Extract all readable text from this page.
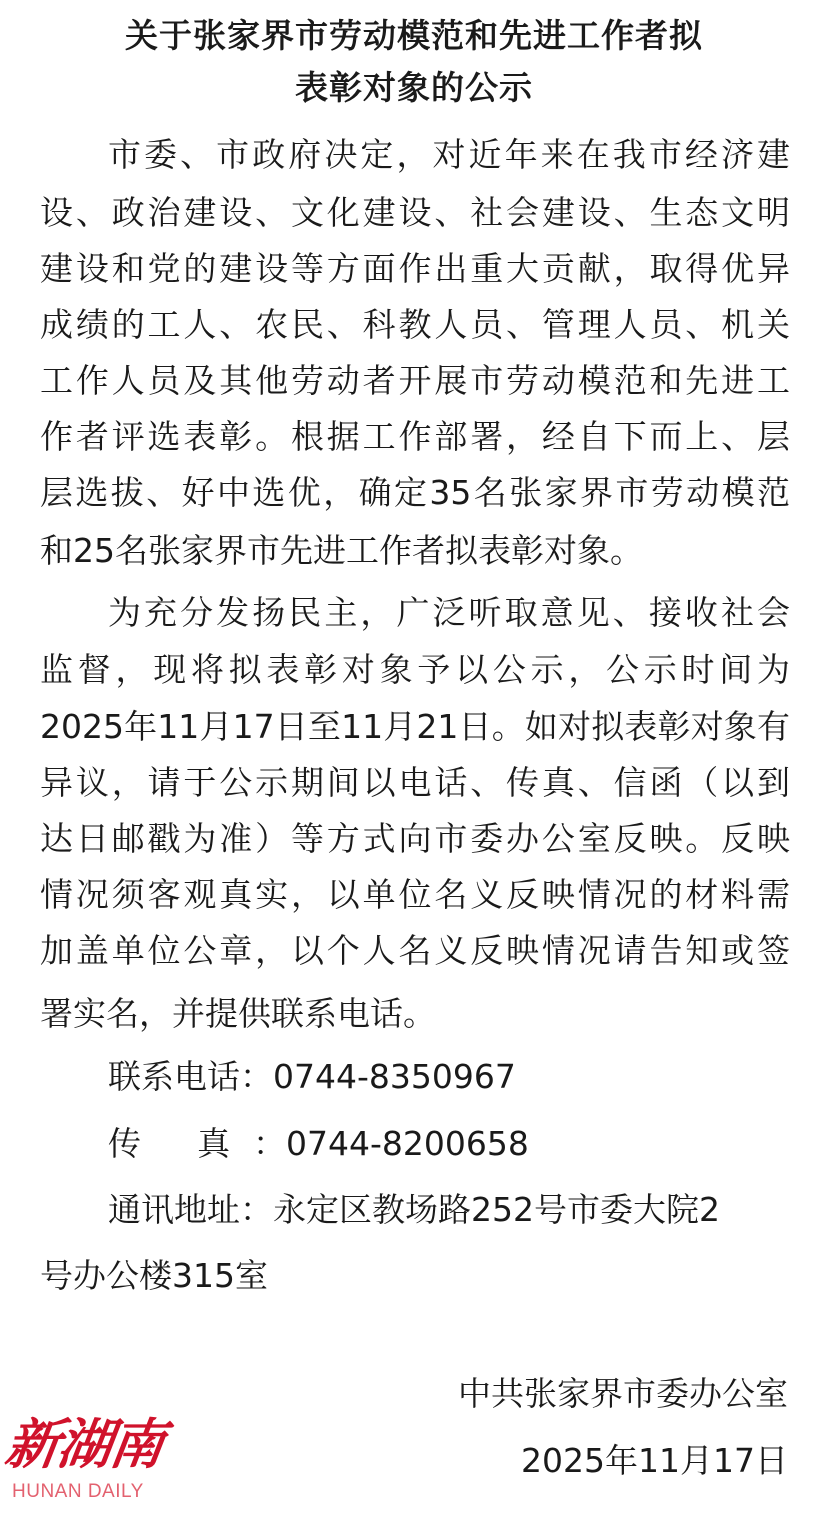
关于张家界市劳动模范和先进工作者拟
表彰对象的公示
市委、市政府决定，对近年来在我市经济建
设、政治建设、文化建设、社会建设、生态文明
建设和党的建设等方面作出重大贡献，取得优异
成绩的工人、农民、科教人员、管理人员、机关
工作人员及其他劳动者开展市劳动模范和先进工
作者评选表彰。根据工作部署，经自下而上、层
层选拔、好中选优，确定35名张家界市劳动模范
和25名张家界市先进工作者拟表彰对象。
为充分发扬民主，广泛听取意见、接收社会
监督，现将拟表彰对象予以公示，公示时间为
2025年11月17日至11月21日。如对拟表彰对象有
异议，请于公示期间以电话、传真、信函（以到
达日邮戳为准）等方式向市委办公室反映。反映
情况须客观真实，以单位名义反映情况的材料需
加盖单位公章，以个人名义反映情况请告知或签
署实名，并提供联系电话。
联系电话：0744-8350967
传 真：0744-8200658
通讯地址：永定区教场路252号市委大院2
号办公楼315室
中共张家界市委办公室
2025年11月17日
新湖南
HUNAN DAILY
